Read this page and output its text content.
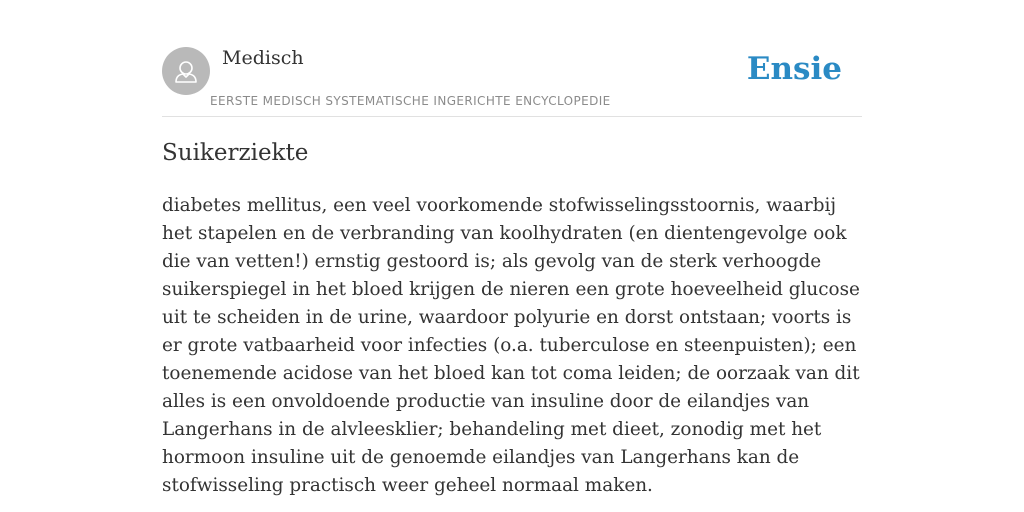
Medisch
EERSTE MEDISCH SYSTEMATISCHE INGERICHTE ENCYCLOPEDIE
Ensie
Suikerziekte

diabetes mellitus, een veel voorkomende stofwisselingsstoornis, waarbij het stapelen en de verbranding van koolhydraten (en dientengevolge ook die van vetten!) ernstig gestoord is; als gevolg van de sterk verhoogde suikerspiegel in het bloed krijgen de nieren een grote hoeveelheid glucose uit te scheiden in de urine, waardoor polyurie en dorst ontstaan; voorts is er grote vatbaarheid voor infecties (o.a. tuberculose en steenpuisten); een toenemende acidose van het bloed kan tot coma leiden; de oorzaak van dit alles is een onvoldoende productie van insuline door de eilandjes van Langerhans in de alvleesklier; behandeling met dieet, zonodig met het hormoon insuline uit de genoemde eilandjes van Langerhans kan de stofwisseling practisch weer geheel normaal maken.
